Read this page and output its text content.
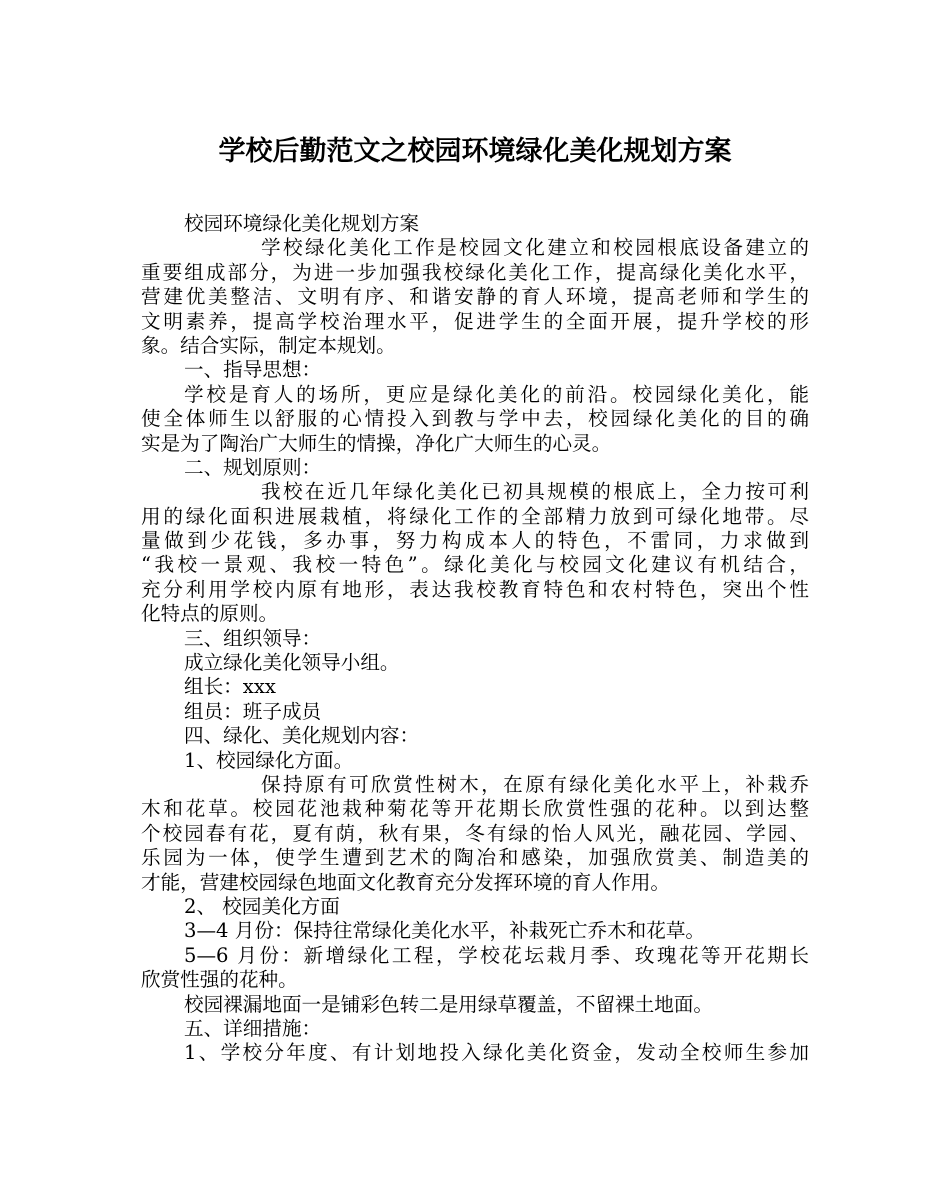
学校后勤范文之校园环境绿化美化规划方案
校园环境绿化美化规划方案
学校绿化美化工作是校园文化建立和校园根底设备建立的
重要组成部分，为进一步加强我校绿化美化工作，提高绿化美化水平，
营建优美整洁、文明有序、和谐安静的育人环境，提高老师和学生的
文明素养，提高学校治理水平，促进学生的全面开展，提升学校的形
象。结合实际，制定本规划。
一、指导思想：
学校是育人的场所，更应是绿化美化的前沿。校园绿化美化，能
使全体师生以舒服的心情投入到教与学中去，校园绿化美化的目的确
实是为了陶治广大师生的情操，净化广大师生的心灵。
二、规划原则：
我校在近几年绿化美化已初具规模的根底上，全力按可利
用的绿化面积进展栽植，将绿化工作的全部精力放到可绿化地带。尽
量做到少花钱，多办事，努力构成本人的特色，不雷同，力求做到
“我校一景观、我校一特色”。绿化美化与校园文化建议有机结合，
充分利用学校内原有地形，表达我校教育特色和农村特色，突出个性
化特点的原则。
三、组织领导：
成立绿化美化领导小组。
组长：xxx
组员：班子成员
四、绿化、美化规划内容：
1、校园绿化方面。
保持原有可欣赏性树木，在原有绿化美化水平上，补栽乔
木和花草。校园花池栽种菊花等开花期长欣赏性强的花种。以到达整
个校园春有花，夏有荫，秋有果，冬有绿的怡人风光，融花园、学园、
乐园为一体，使学生遭到艺术的陶冶和感染，加强欣赏美、制造美的
才能，营建校园绿色地面文化教育充分发挥环境的育人作用。
2、 校园美化方面
3—4 月份：保持往常绿化美化水平，补栽死亡乔木和花草。
5—6 月份：新增绿化工程，学校花坛栽月季、玫瑰花等开花期长
欣赏性强的花种。
校园裸漏地面一是铺彩色转二是用绿草覆盖，不留裸土地面。
五、详细措施：
1、学校分年度、有计划地投入绿化美化资金，发动全校师生参加
